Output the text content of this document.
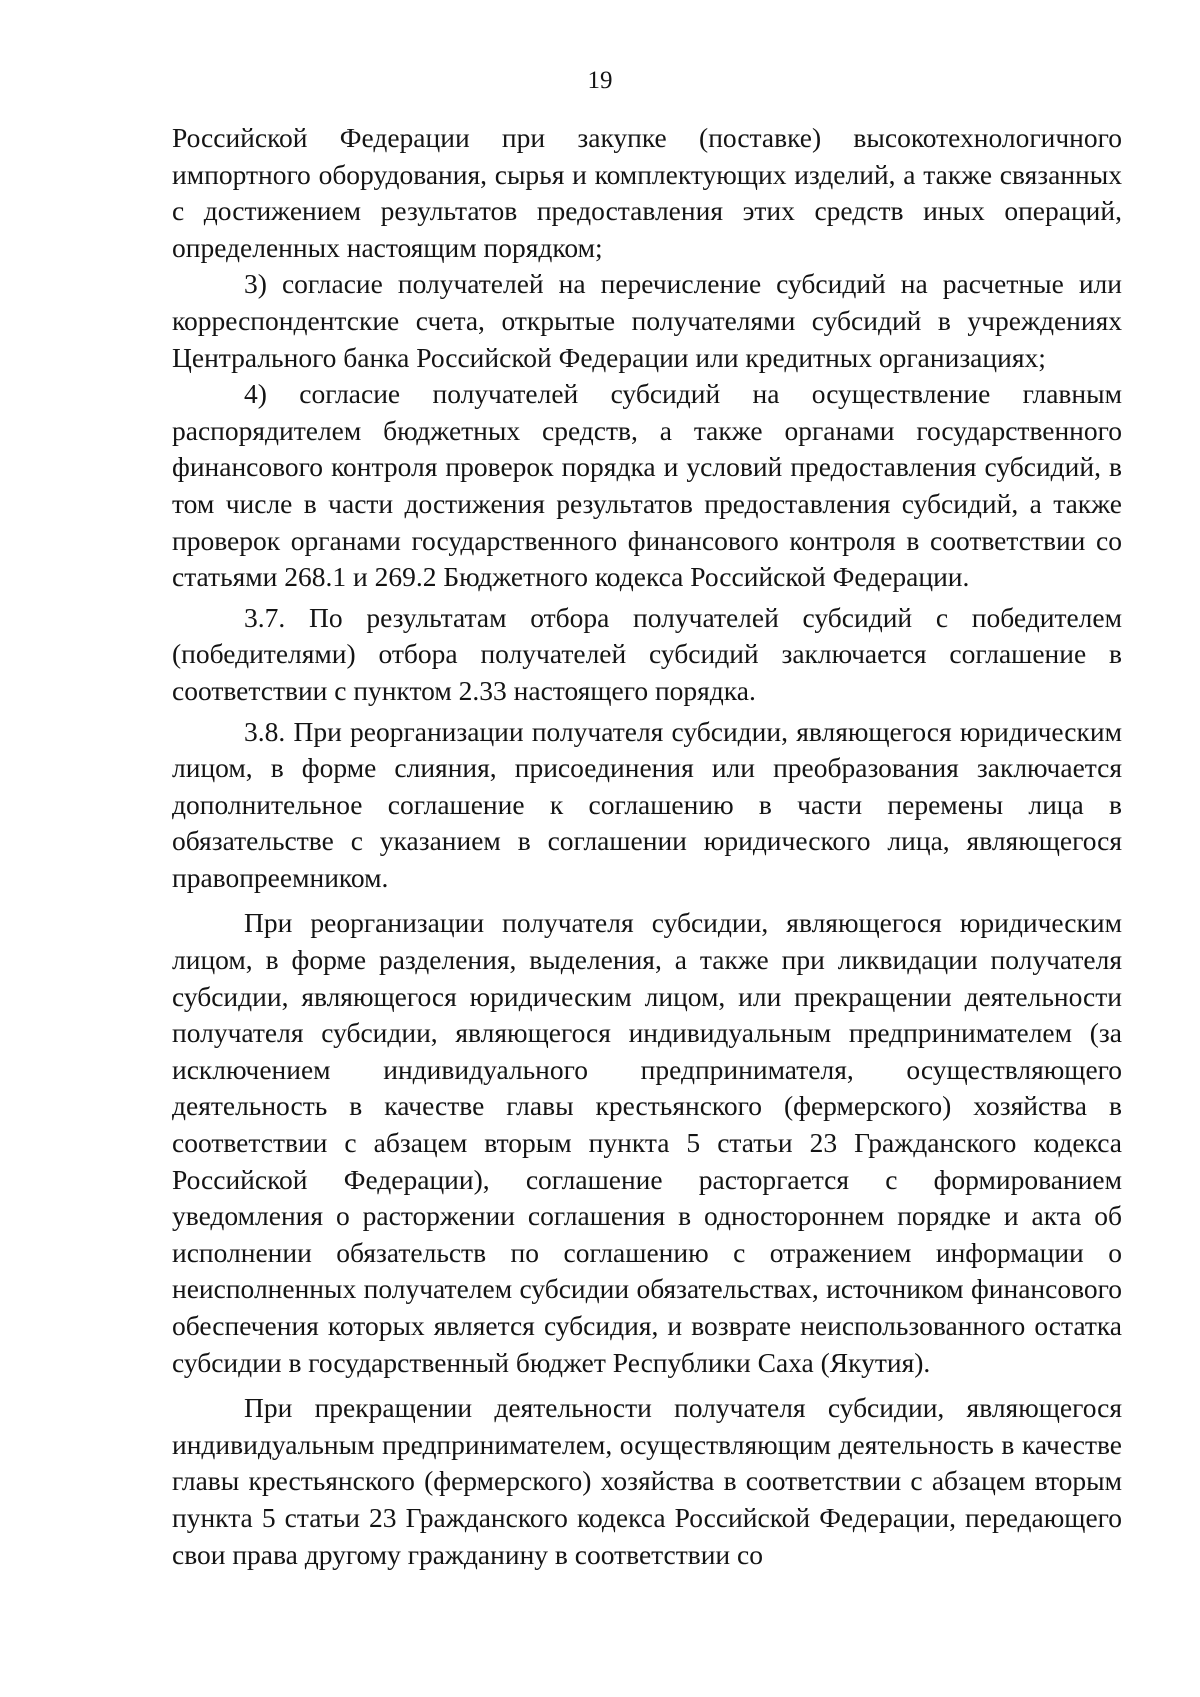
19

Российской Федерации при закупке (поставке) высокотехнологичного импортного оборудования, сырья и комплектующих изделий, а также связанных с достижением результатов предоставления этих средств иных операций, определенных настоящим порядком;

3) согласие получателей на перечисление субсидий на расчетные или корреспондентские счета, открытые получателями субсидий в учреждениях Центрального банка Российской Федерации или кредитных организациях;

4) согласие получателей субсидий на осуществление главным распорядителем бюджетных средств, а также органами государственного финансового контроля проверок порядка и условий предоставления субсидий, в том числе в части достижения результатов предоставления субсидий, а также проверок органами государственного финансового контроля в соответствии со статьями 268.1 и 269.2 Бюджетного кодекса Российской Федерации.

3.7. По результатам отбора получателей субсидий с победителем (победителями) отбора получателей субсидий заключается соглашение в соответствии с пунктом 2.33 настоящего порядка.

3.8. При реорганизации получателя субсидии, являющегося юридическим лицом, в форме слияния, присоединения или преобразования заключается дополнительное соглашение к соглашению в части перемены лица в обязательстве с указанием в соглашении юридического лица, являющегося правопреемником.

При реорганизации получателя субсидии, являющегося юридическим лицом, в форме разделения, выделения, а также при ликвидации получателя субсидии, являющегося юридическим лицом, или прекращении деятельности получателя субсидии, являющегося индивидуальным предпринимателем (за исключением индивидуального предпринимателя, осуществляющего деятельность в качестве главы крестьянского (фермерского) хозяйства в соответствии с абзацем вторым пункта 5 статьи 23 Гражданского кодекса Российской Федерации), соглашение расторгается с формированием уведомления о расторжении соглашения в одностороннем порядке и акта об исполнении обязательств по соглашению с отражением информации о неисполненных получателем субсидии обязательствах, источником финансового обеспечения которых является субсидия, и возврате неиспользованного остатка субсидии в государственный бюджет Республики Саха (Якутия).

При прекращении деятельности получателя субсидии, являющегося индивидуальным предпринимателем, осуществляющим деятельность в качестве главы крестьянского (фермерского) хозяйства в соответствии с абзацем вторым пункта 5 статьи 23 Гражданского кодекса Российской Федерации, передающего свои права другому гражданину в соответствии со
